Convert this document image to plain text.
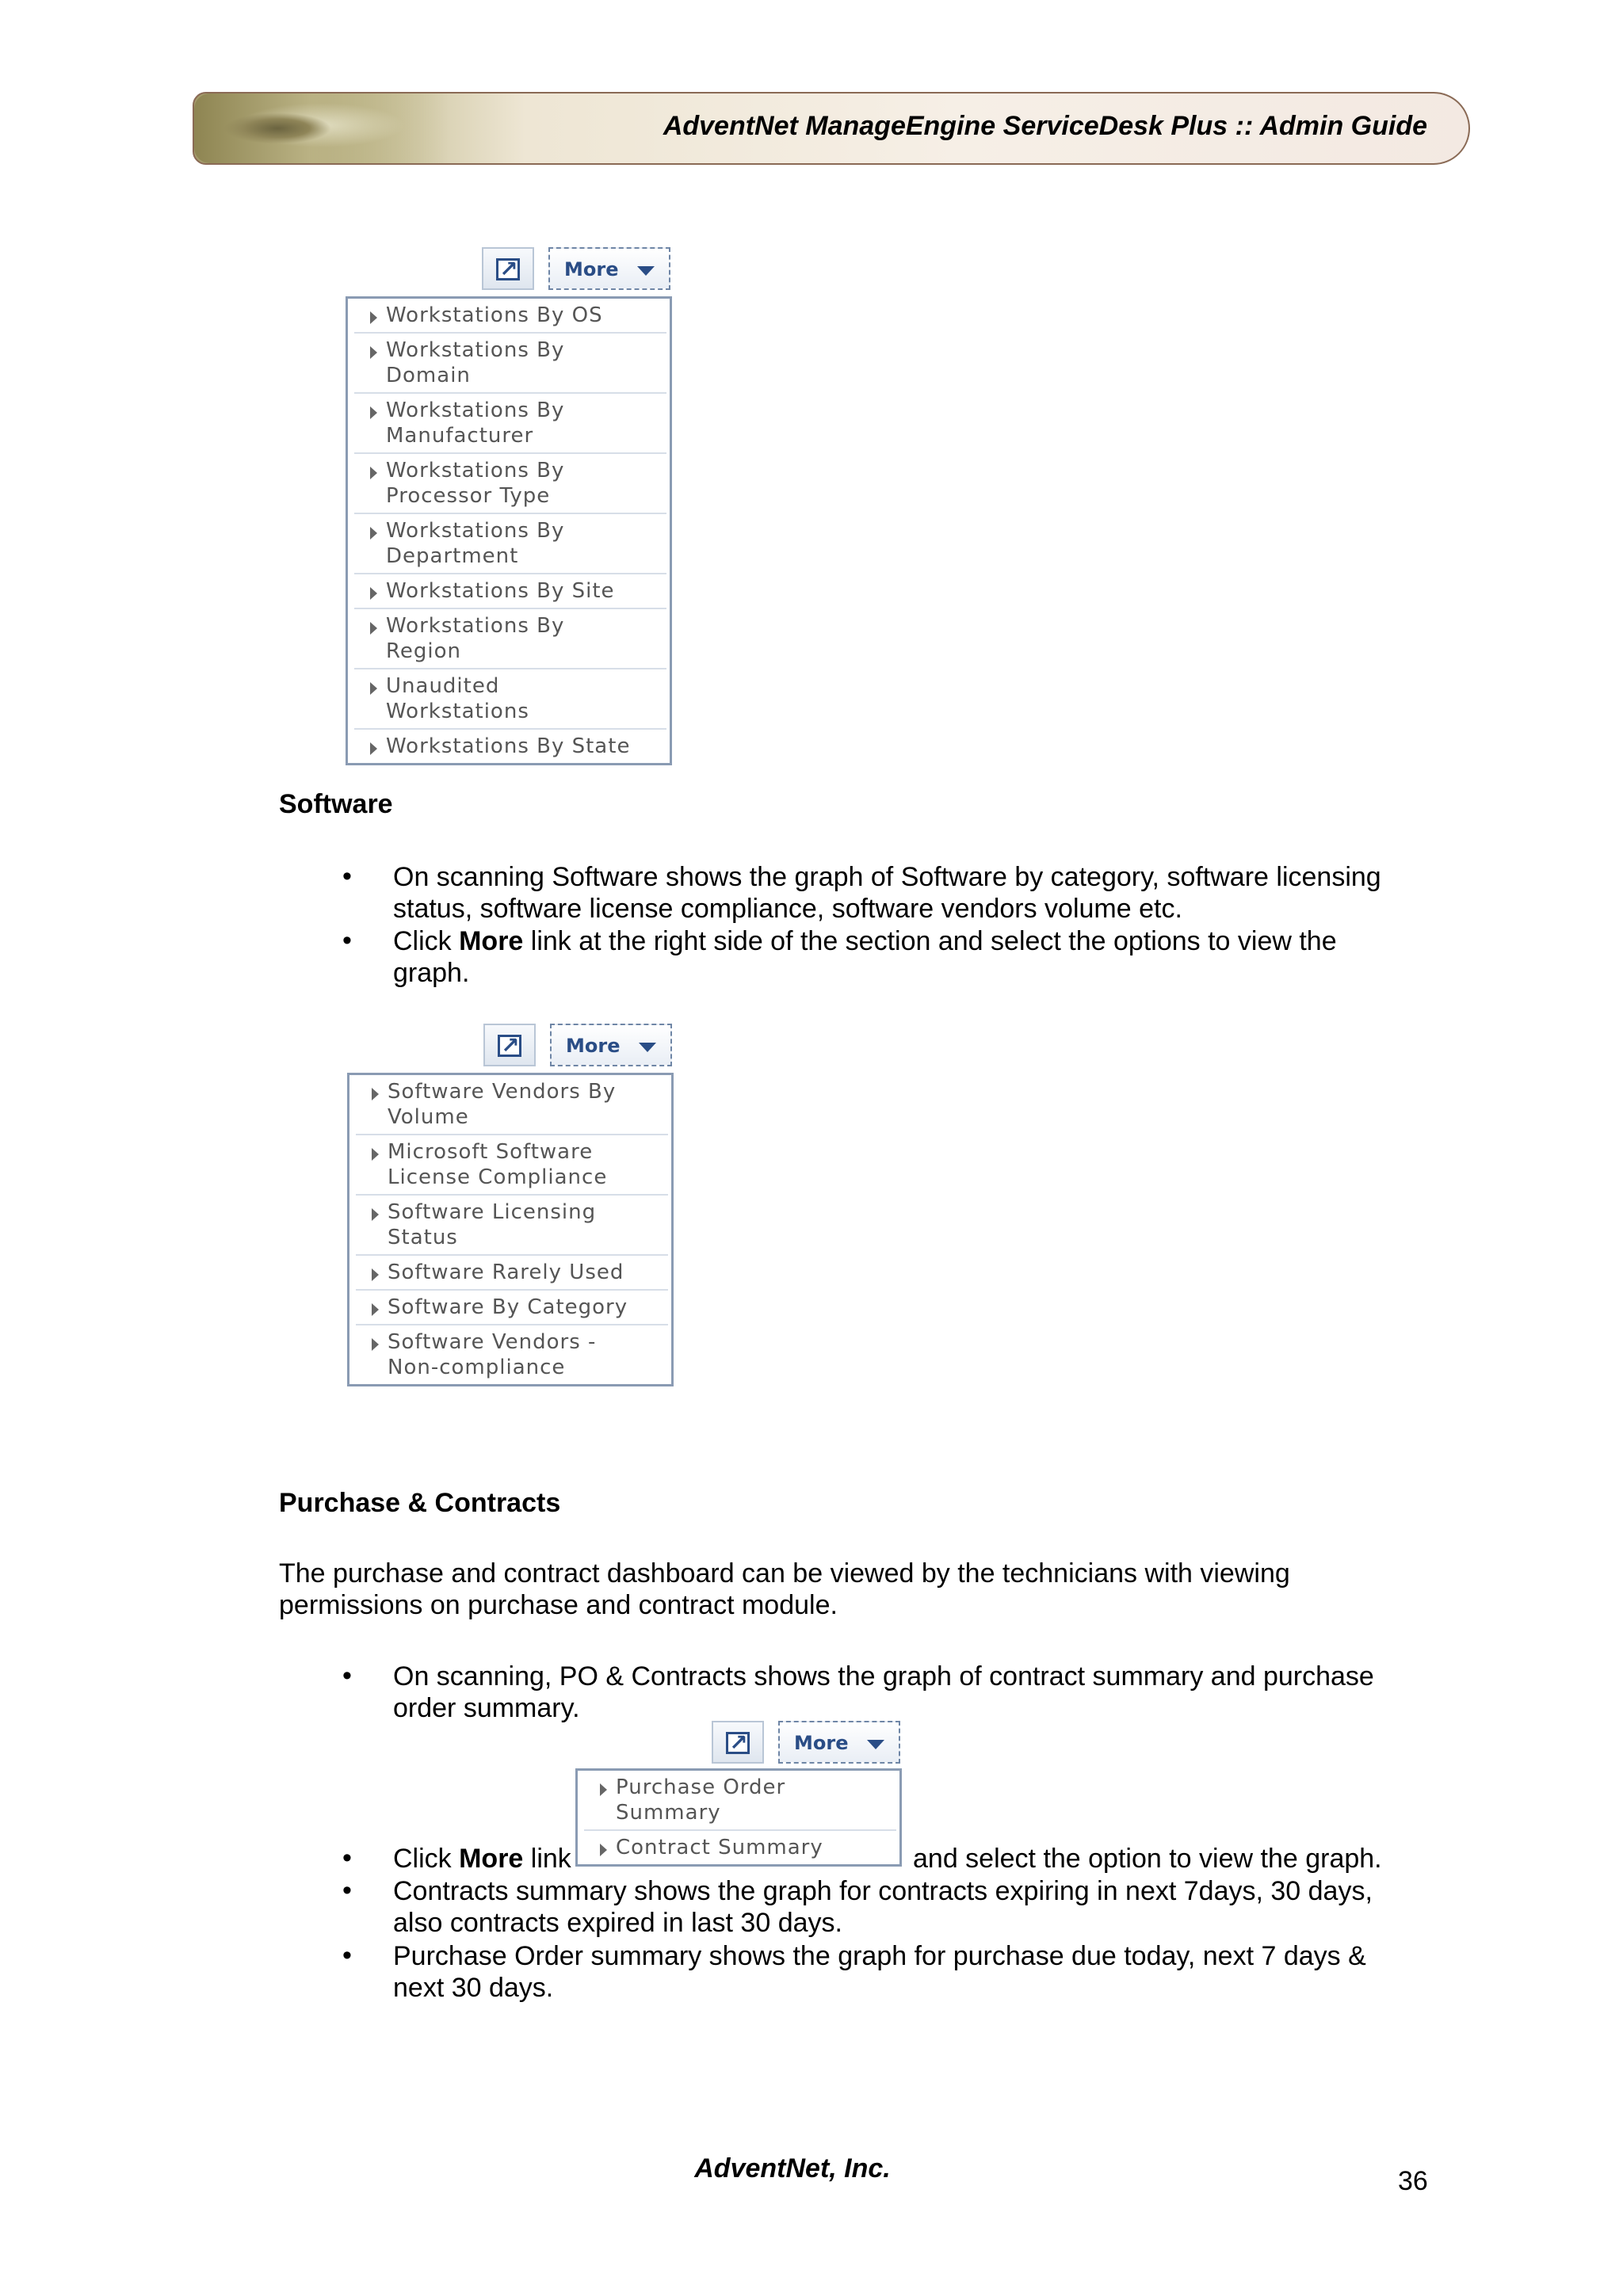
AdventNet ManageEngine ServiceDesk Plus :: Admin Guide
↗
More
Workstations By OS
Workstations By
Domain
Workstations By
Manufacturer
Workstations By
Processor Type
Workstations By
Department
Workstations By Site
Workstations By
Region
Unaudited
Workstations
Workstations By State
Software
• On scanning Software shows the graph of Software by category, software licensing
status, software license compliance, software vendors volume etc.
• Click More link at the right side of the section and select the options to view the
graph.
↗
More
Software Vendors By
Volume
Microsoft Software
License Compliance
Software Licensing
Status
Software Rarely Used
Software By Category
Software Vendors -
Non-compliance
Purchase & Contracts
The purchase and contract dashboard can be viewed by the technicians with viewing
permissions on purchase and contract module.
• On scanning, PO & Contracts shows the graph of contract summary and purchase
order summary.
↗
More
Purchase Order
Summary
Contract Summary
• Click More link	and select the option to view the graph.
• Contracts summary shows the graph for contracts expiring in next 7days, 30 days,
also contracts expired in last 30 days.
• Purchase Order summary shows the graph for purchase due today, next 7 days &
next 30 days.
AdventNet, Inc.	36
